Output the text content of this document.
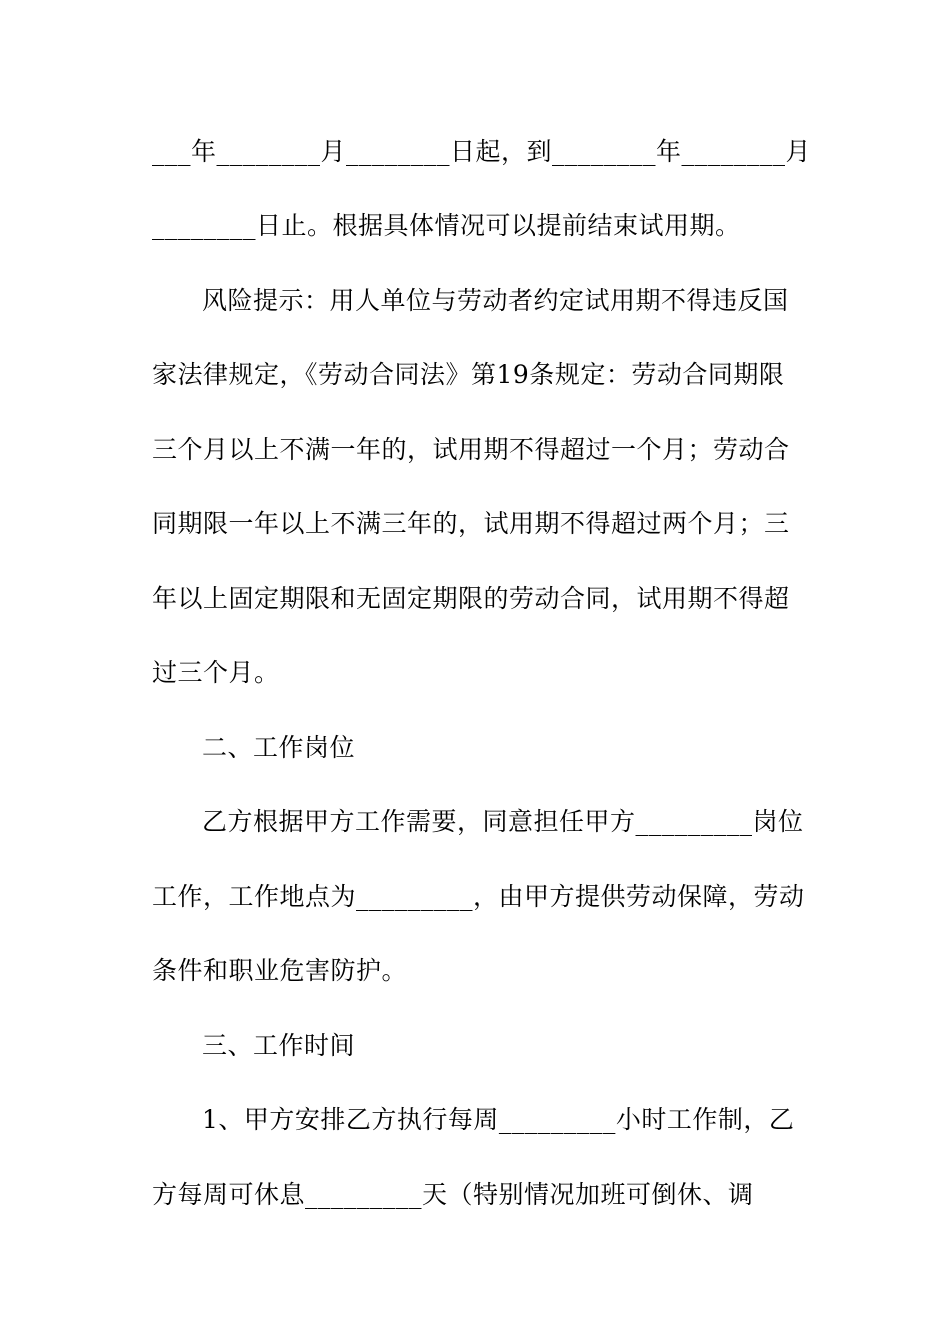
___年________月________日起，到________年________月
________日止。根据具体情况可以提前结束试用期。
风险提示：用人单位与劳动者约定试用期不得违反国
家法律规定，《劳动合同法》第19条规定：劳动合同期限
三个月以上不满一年的，试用期不得超过一个月；劳动合
同期限一年以上不满三年的，试用期不得超过两个月；三
年以上固定期限和无固定期限的劳动合同，试用期不得超
过三个月。
二、工作岗位
乙方根据甲方工作需要，同意担任甲方_________岗位
工作，工作地点为_________，由甲方提供劳动保障，劳动
条件和职业危害防护。
三、工作时间
1、甲方安排乙方执行每周_________小时工作制，乙
方每周可休息_________天（特别情况加班可倒休、调
